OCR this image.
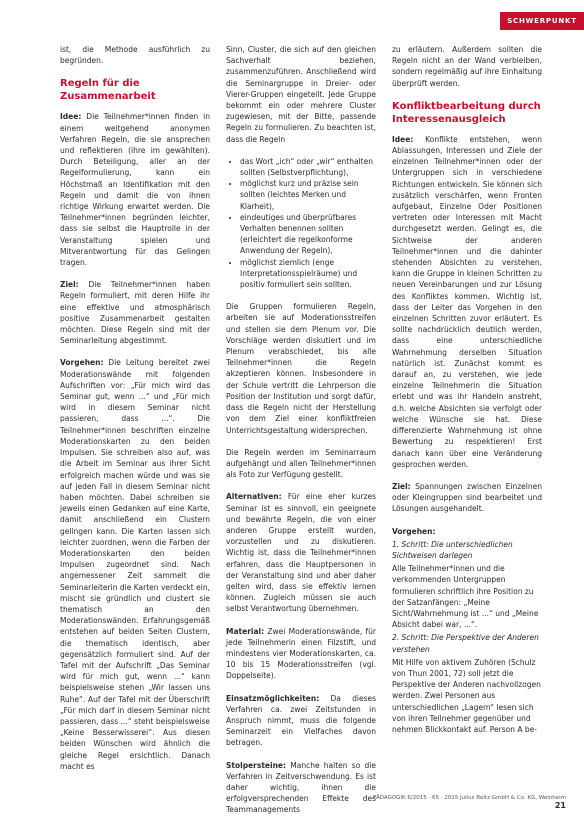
SCHWERPUNKT

ist, die Methode ausführlich zu begründen.

Regeln für die Zusammenarbeit

Idee: Die Teilnehmer*innen finden in einem weitgehend anonymen Verfahren Regeln, die sie ansprechen und reflektieren (ihre im gewählten). Durch Beteiligung, aller an der Regelformulierung, kann ein Höchstmaß an Identifikation mit den Regeln und damit die von ihnen richtige Wirkung erwartet werden. Die Teilnehmer*innen begründen leichter, dass sie selbst die Hauptrolle in der Veranstaltung spielen und Mitverantwortung für das Gelingen tragen.

Ziel: Die Teilnehmer*innen haben Regeln formuliert, mit deren Hilfe ihr eine effektive und atmosphärisch positive Zusammenarbeit gestalten möchten. Diese Regeln sind mit der Seminarleitung abgestimmt.

Vorgehen: Die Leitung bereitet zwei Moderationswände mit folgenden Aufschriften vor: „Für mich wird das Seminar gut, wenn ...“ und „Für mich wird in diesem Seminar nicht passieren, dass ...“. Die Teilnehmer*innen beschriften einzelne Moderationskarten zu den beiden Impulsen. Sie schreiben also auf, was die Arbeit im Seminar aus ihrer Sicht erfolgreich machen würde und was sie auf jeden Fall in diesem Seminar nicht haben möchten. Dabei schreiben sie jeweils einen Gedanken auf eine Karte, damit anschließend ein Clustern gelingen kann. Die Karten lassen sich leichter zuordnen, wenn die Farben der Moderationskarten den beiden Impulsen zugeordnet sind. Nach angemessener Zeit sammelt die Seminarleiterin die Karten verdeckt ein, mischt sie gründlich und clustert sie thematisch an den Moderationswänden. Erfahrungsgemäß entstehen auf beiden Seiten Clustern, die thematisch identisch, aber gegensätzlich formuliert sind. Auf der Tafel mit der Aufschrift „Das Seminar wird für mich gut, wenn ...“ kann beispielsweise stehen „Wir lassen uns Ruhe“. Auf der Tafel mit der Überschrift „Für mich darf in diesem Seminar nicht passieren, dass ...“ steht beispielsweise „Keine Besserwisserei“. Aus diesen beiden Wünschen wird ähnlich die gleiche Regel ersichtlich. Danach macht es

Sinn, Cluster, die sich auf den gleichen Sachverhalt beziehen, zusammenzuführen. Anschließend wird die Seminargruppe in Dreier- oder Vierer-Gruppen eingeteilt. Jede Gruppe bekommt ein oder mehrere Cluster zugewiesen, mit der Bitte, passende Regeln zu formulieren. Zu beachten ist, dass die Regeln

• das Wort „ich“ oder „wir“ enthalten sollten (Selbstverpflichtung),
• möglichst kurz und präzise sein sollten (leichtes Merken und Klarheit),
• eindeutiges und überprüfbares Verhalten benennen sollten (erleichtert die regelkonforme Anwendung der Regeln),
• möglichst ziemlich (enge Interpretationsspielräume) und positiv formuliert sein sollten.

Die Gruppen formulieren Regeln, arbeiten sie auf Moderationsstreifen und stellen sie dem Plenum vor. Die Vorschläge werden diskutiert und im Plenum verabschiedet, bis alle Teilnehmer*innen die Regeln akzeptieren können. Insbesondere in der Schule vertritt die Lehrperson die Position der Institution und sorgt dafür, dass die Regeln nicht der Herstellung von dem Ziel einer konfliktfreien Unterrichtsgestaltung widersprechen.

Die Regeln werden im Seminarraum aufgehängt und allen Teilnehmer*innen als Foto zur Verfügung gestellt.

Alternativen: Für eine eher kurzes Seminar ist es sinnvoll, ein geeignete und bewährte Regeln, die von einer anderen Gruppe erstellt wurden, vorzustellen und zu diskutieren. Wichtig ist, dass die Teilnehmer*innen erfahren, dass die Hauptpersonen in der Veranstaltung sind und aber daher gelten wird, dass sie effektiv lernen können. Zugleich müssen sie auch selbst Verantwortung übernehmen.

Material: Zwei Moderationswände, für jede Teilnehmerin einen Filzstift, und mindestens vier Moderationskarten, ca. 10 bis 15 Moderationsstreifen (vgl. Doppelseite).

Einsatzmöglichkeiten: Da dieses Verfahren ca. zwei Zeitstunden in Anspruch nimmt, muss die folgende Seminarzeit ein Vielfaches davon betragen.

Stolpersteine: Manche halten so die Verfahren in Zeitverschwendung. Es ist daher wichtig, ihnen die erfolgversprechenden Effekte des Teammanagements

zu erläutern. Außerdem sollten die Regeln nicht an der Wand verbleiben, sondern regelmäßig auf ihre Einhaltung überprüft werden.

Konfliktbearbeitung durch Interessenausgleich

Idee: Konflikte entstehen, wenn Ablassungen, Interessen und Ziele der einzelnen Teilnehmer*innen oder der Untergruppen sich in verschiedene Richtungen entwickeln. Sie können sich zusätzlich verschärfen, wenn Fronten aufgebaut, Einzelne Oder Positionen vertreten oder Interessen mit Macht durchgesetzt werden. Gelingt es, die Sichtweise der anderen Teilnehmer*innen und die dahinter stehenden Absichten zu verstehen, kann die Gruppe in kleinen Schritten zu neuen Vereinbarungen und zur Lösung des Konfliktes kommen. Wichtig ist, dass der Leiter das Vorgehen in den einzelnen Schritten zuvor erläutert. Es sollte nachdrücklich deutlich werden, dass eine unterschiedliche Wahrnehmung derselben Situation natürlich ist. Zunächst kommt es darauf an, zu verstehen, wie jede einzelne Teilnehmerin die Situation erlebt und was ihr Handeln anstreht, d.h. welche Absichten sie verfolgt oder welche Wünsche sie hat. Diese differenzierte Wahrnehmung ist ohne Bewertung zu respektieren! Erst danach kann über eine Veränderung gesprochen werden.

Ziel: Spannungen zwischen Einzelnen oder Kleingruppen sind bearbeitet und Lösungen ausgehandelt.

Vorgehen:
1. Schritt: Die unterschiedlichen Sichtweisen darlegen
Alle Teilnehmer*innen und die verkommenden Untergruppen formulieren schriftlich ihre Position zu der Satzanfängen: „Meine Sicht/Wahrnehmung ist ...“ und „Meine Absicht dabei war, ...“.
2. Schritt: Die Perspektive der Anderen verstehen
Mit Hilfe von aktivem Zuhören (Schulz von Thun 2001, 72) soll jetzt die Perspektive der Anderen nachvollzogen werden. Zwei Personen aus unterschiedlichen „Lagern“ lesen sich von ihren Teilnehmer gegenüber und nehmen Blickkontakt auf. Person A be-
PÄDAGOGIK 6/2015 · 65 · 2015 Julius Beltz GmbH & Co. KG, Weinheim 21
